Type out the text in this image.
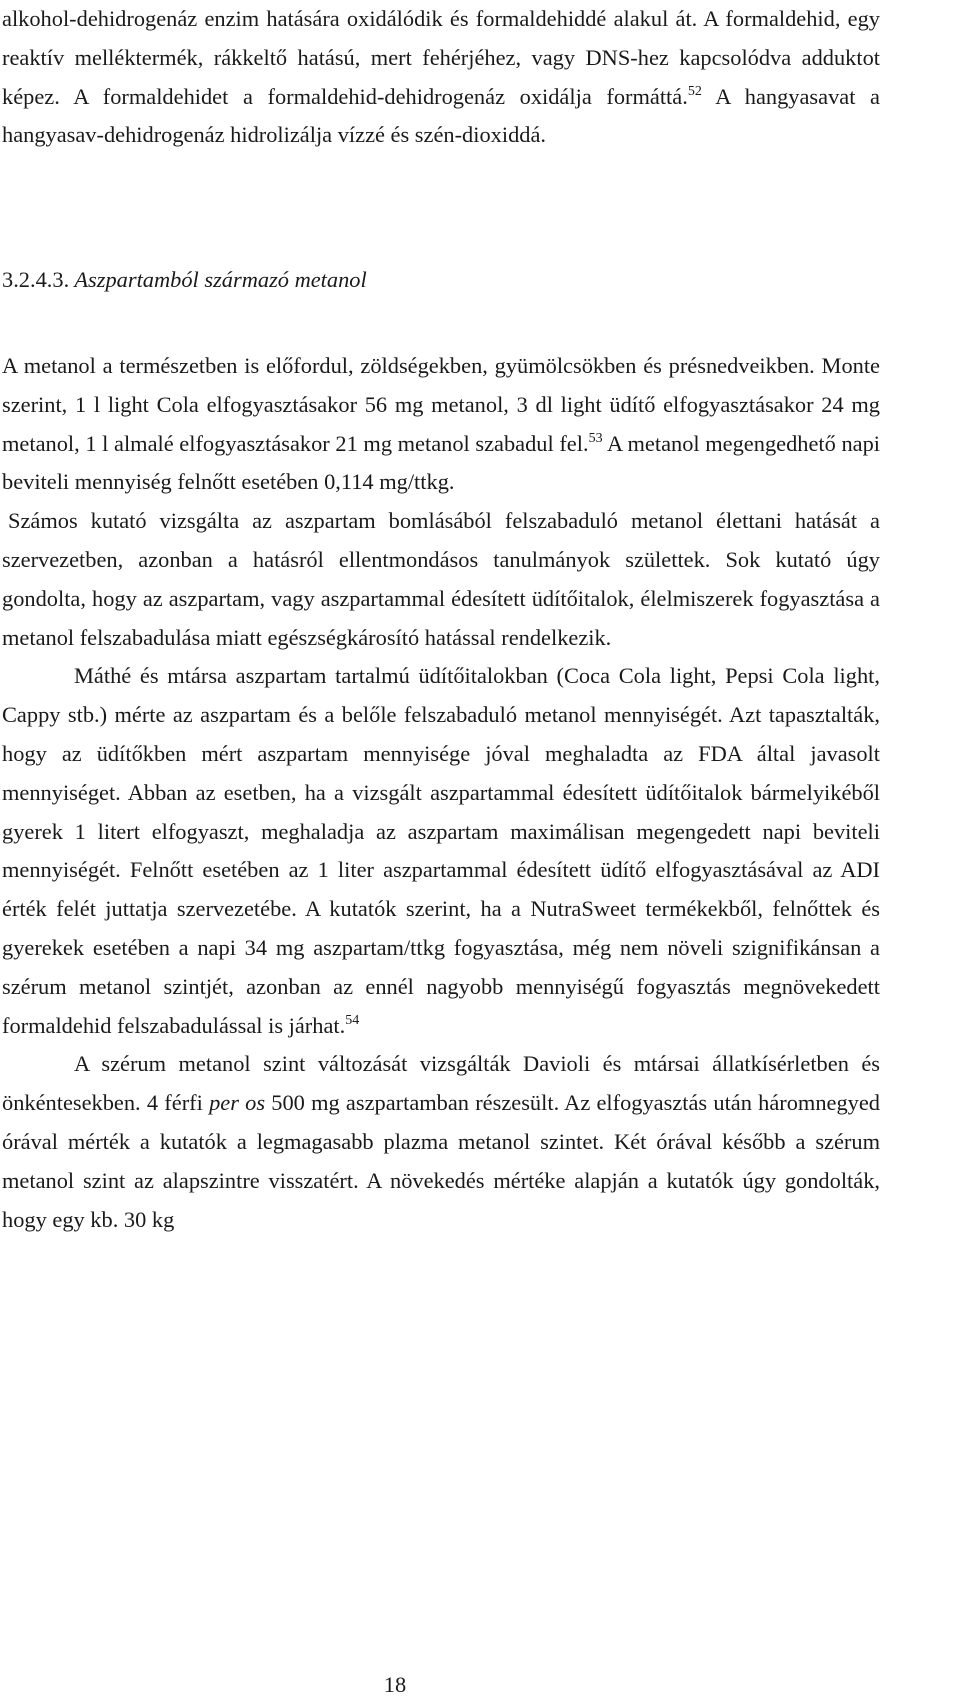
alkohol-dehidrogenáz enzim hatására oxidálódik és formaldehiddé alakul át. A formaldehid, egy reaktív melléktermék, rákkeltő hatású, mert fehérjéhez, vagy DNS-hez kapcsolódva adduktot képez. A formaldehidet a formaldehid-dehidrogenáz oxidálja formáttá.$^{52}$ A hangyasavat a hangyasav-dehidrogenáz hidrolizálja vízzé és szén-dioxiddá.

3.2.4.3. Aszpartamból származó metanol

A metanol a természetben is előfordul, zöldségekben, gyümölcsökben és présnedveikben. Monte szerint, 1 l light Cola elfogyasztásakor 56 mg metanol, 3 dl light üdítő elfogyasztásakor 24 mg metanol, 1 l almalé elfogyasztásakor 21 mg metanol szabadul fel.$^{53}$ A metanol megengedhető napi beviteli mennyiség felnőtt esetében 0,114 mg/ttkg.

Számos kutató vizsgálta az aszpartam bomlásából felszabaduló metanol élettani hatását a szervezetben, azonban a hatásról ellentmondásos tanulmányok születtek. Sok kutató úgy gondolta, hogy az aszpartam, vagy aszpartammal édesített üdítőitalok, élelmiszerek fogyasztása a metanol felszabadulása miatt egészségkárosító hatással rendelkezik.

Máthé és mtársa aszpartam tartalmú üdítőitalokban (Coca Cola light, Pepsi Cola light, Cappy stb.) mérte az aszpartam és a belőle felszabaduló metanol mennyiségét. Azt tapasztalták, hogy az üdítőkben mért aszpartam mennyisége jóval meghaladta az FDA által javasolt mennyiséget. Abban az esetben, ha a vizsgált aszpartammal édesített üdítőitalok bármelyikéből gyerek 1 litert elfogyaszt, meghaladja az aszpartam maximálisan megengedett napi beviteli mennyiségét. Felnőtt esetében az 1 liter aszpartammal édesített üdítő elfogyasztásával az ADI érték felét juttatja szervezetébe. A kutatók szerint, ha a NutraSweet termékekből, felnőttek és gyerekek esetében a napi 34 mg aszpartam/ttkg fogyasztása, még nem növeli szignifikánsan a szérum metanol szintjét, azonban az ennél nagyobb mennyiségű fogyasztás megnövekedett formaldehid felszabadulással is járhat.$^{54}$

A szérum metanol szint változását vizsgálták Davioli és mtársai állatkísérletben és önkéntesekben. 4 férfi per os 500 mg aszpartamban részesült. Az elfogyasztás után háromnegyed órával mérték a kutatók a legmagasabb plazma metanol szintet. Két órával később a szérum metanol szint az alapszintre visszatért. A növekedés mértéke alapján a kutatók úgy gondolták, hogy egy kb. 30 kg

18
